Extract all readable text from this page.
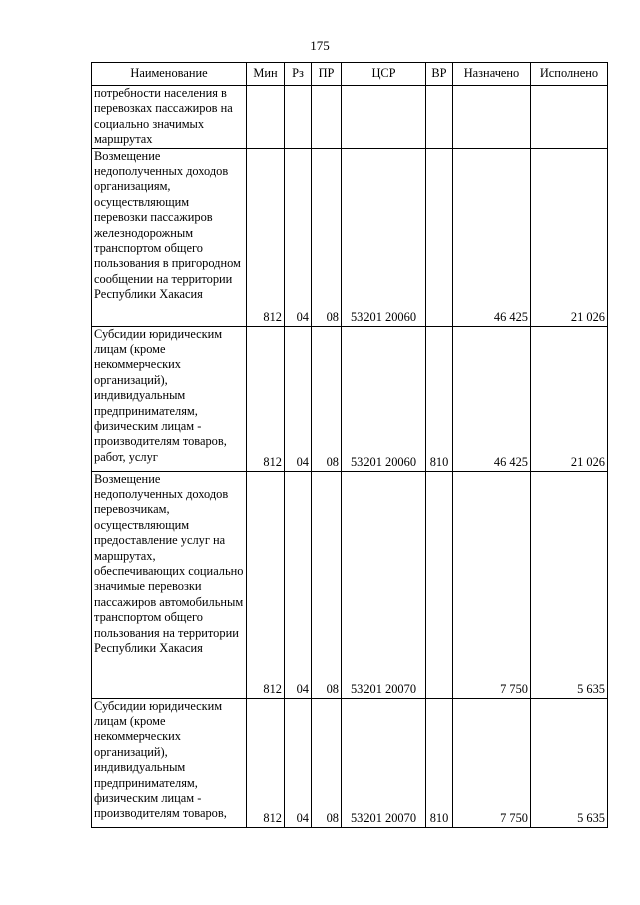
175
Наименование	Мин	Рз	ПР	ЦСР	ВР	Назначено	Исполнено
потребности населения в перевозках пассажиров на социально значимых маршрутах							
Возмещение недополученных доходов организациям, осуществляющим перевозки пассажиров железнодорожным транспортом общего пользования в пригородном сообщении на территории Республики Хакасия	812	04	08	53201 20060		46 425	21 026
Субсидии юридическим лицам (кроме некоммерческих организаций), индивидуальным предпринимателям, физическим лицам - производителям товаров, работ, услуг	812	04	08	53201 20060	810	46 425	21 026
Возмещение недополученных доходов перевозчикам, осуществляющим предоставление услуг на маршрутах, обеспечивающих социально значимые перевозки пассажиров автомобильным транспортом общего пользования на территории Республики Хакасия	812	04	08	53201 20070		7 750	5 635
Субсидии юридическим лицам (кроме некоммерческих организаций), индивидуальным предпринимателям, физическим лицам - производителям товаров,	812	04	08	53201 20070	810	7 750	5 635
